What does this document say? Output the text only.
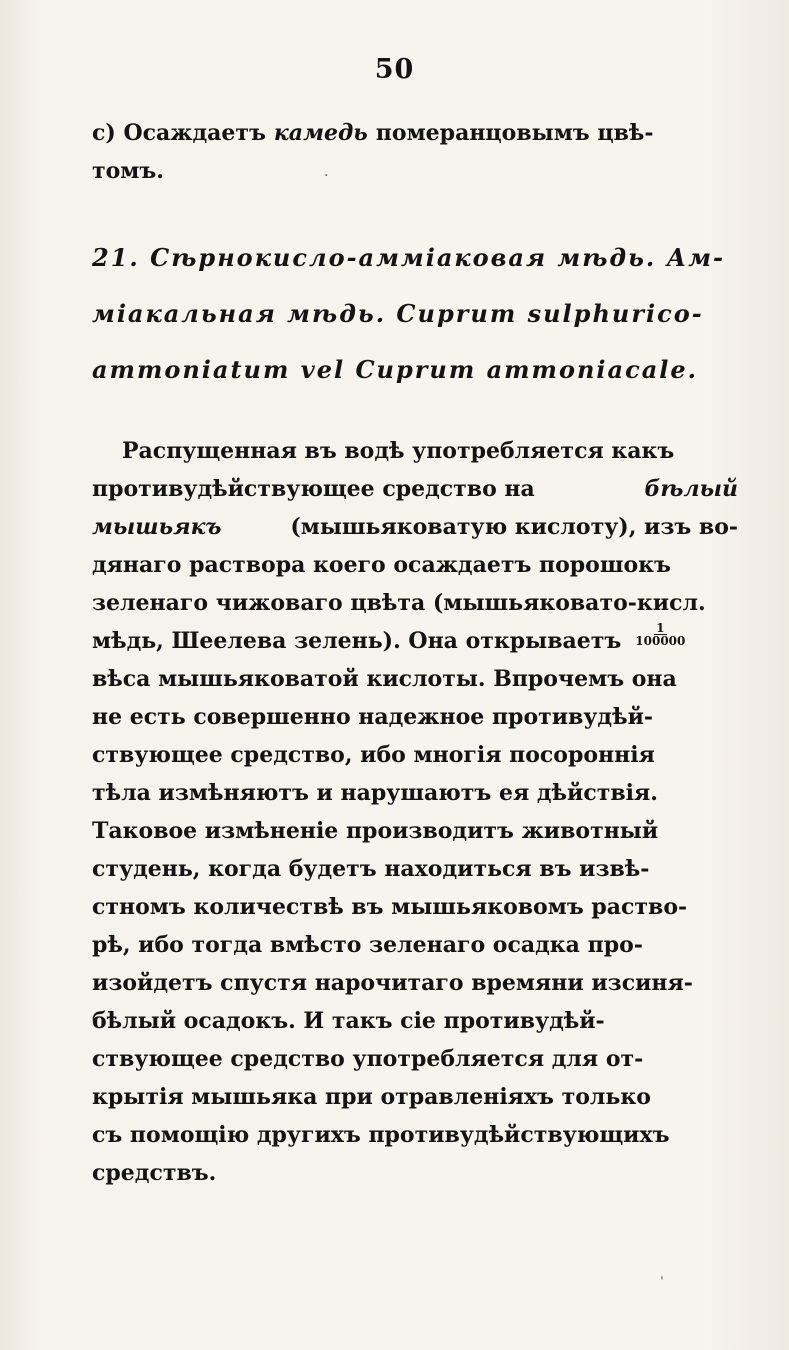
50
c) Осаждаетъ камедь померанцовымъ цвѣ-
томъ.
21. Сѣрнокисло-аммiаковая мѣдь. Ам-
мiакальная мѣдь. Cuprum sulphurico-
ammoniatum vel Cuprum ammoniacale.
Распущенная въ водѣ употребляется какъ
противудѣйствующее средство на	бѣлый
мышьякъ	(мышьяковатую кислоту), изъ во-
дянаго раствора коего осаждаетъ порошокъ
зеленаго чижоваго цвѣта (мышьяковато-кисл.
мѣдь, Шеелева зелень). Она открываетъ $\frac{1}{100000}$
вѣса мышьяковатой кислоты. Впрочемъ она
не есть совершенно надежное противудѣй-
ствующее средство, ибо многiя посороннiя
тѣла измѣняютъ и нарушаютъ ея дѣйствiя.
Таковое измѣненiе производитъ животный
студень, когда будетъ находиться въ извѣ-
стномъ количествѣ въ мышьяковомъ раство-
рѣ, ибо тогда вмѣсто зеленаго осадка про-
изойдетъ спустя нарочитаго времяни изсиня-
бѣлый осадокъ. И такъ сiе противудѣй-
ствующее средство употребляется для от-
крытiя мышьяка при отравленiяхъ только
съ помощiю другихъ противудѣйствующихъ
средствъ.
·
ˈ
